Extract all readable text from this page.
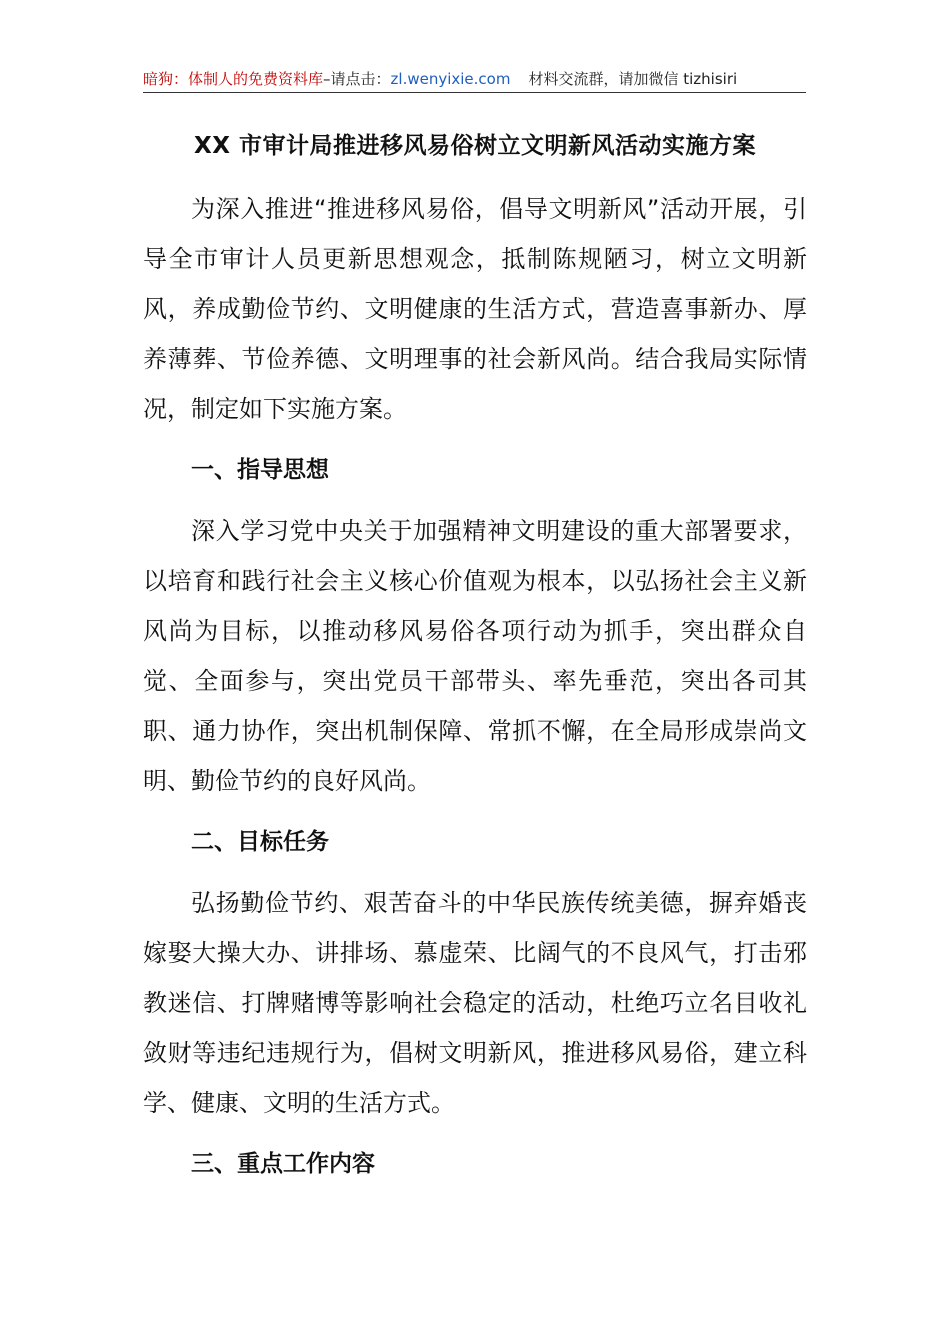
暗狗：体制人的免费资料库–请点击：zl.wenyixie.com 材料交流群，请加微信 tizhisiri
XX 市审计局推进移风易俗树立文明新风活动实施方案

为深入推进“推进移风易俗，倡导文明新风”活动开展，引导全市审计人员更新思想观念，抵制陈规陋习，树立文明新风，养成勤俭节约、文明健康的生活方式，营造喜事新办、厚养薄葬、节俭养德、文明理事的社会新风尚。结合我局实际情况，制定如下实施方案。

一、指导思想

深入学习党中央关于加强精神文明建设的重大部署要求，以培育和践行社会主义核心价值观为根本，以弘扬社会主义新风尚为目标，以推动移风易俗各项行动为抓手，突出群众自觉、全面参与，突出党员干部带头、率先垂范，突出各司其职、通力协作，突出机制保障、常抓不懈，在全局形成崇尚文明、勤俭节约的良好风尚。

二、目标任务

弘扬勤俭节约、艰苦奋斗的中华民族传统美德，摒弃婚丧嫁娶大操大办、讲排场、慕虚荣、比阔气的不良风气，打击邪教迷信、打牌赌博等影响社会稳定的活动，杜绝巧立名目收礼敛财等违纪违规行为，倡树文明新风，推进移风易俗，建立科学、健康、文明的生活方式。

三、重点工作内容
